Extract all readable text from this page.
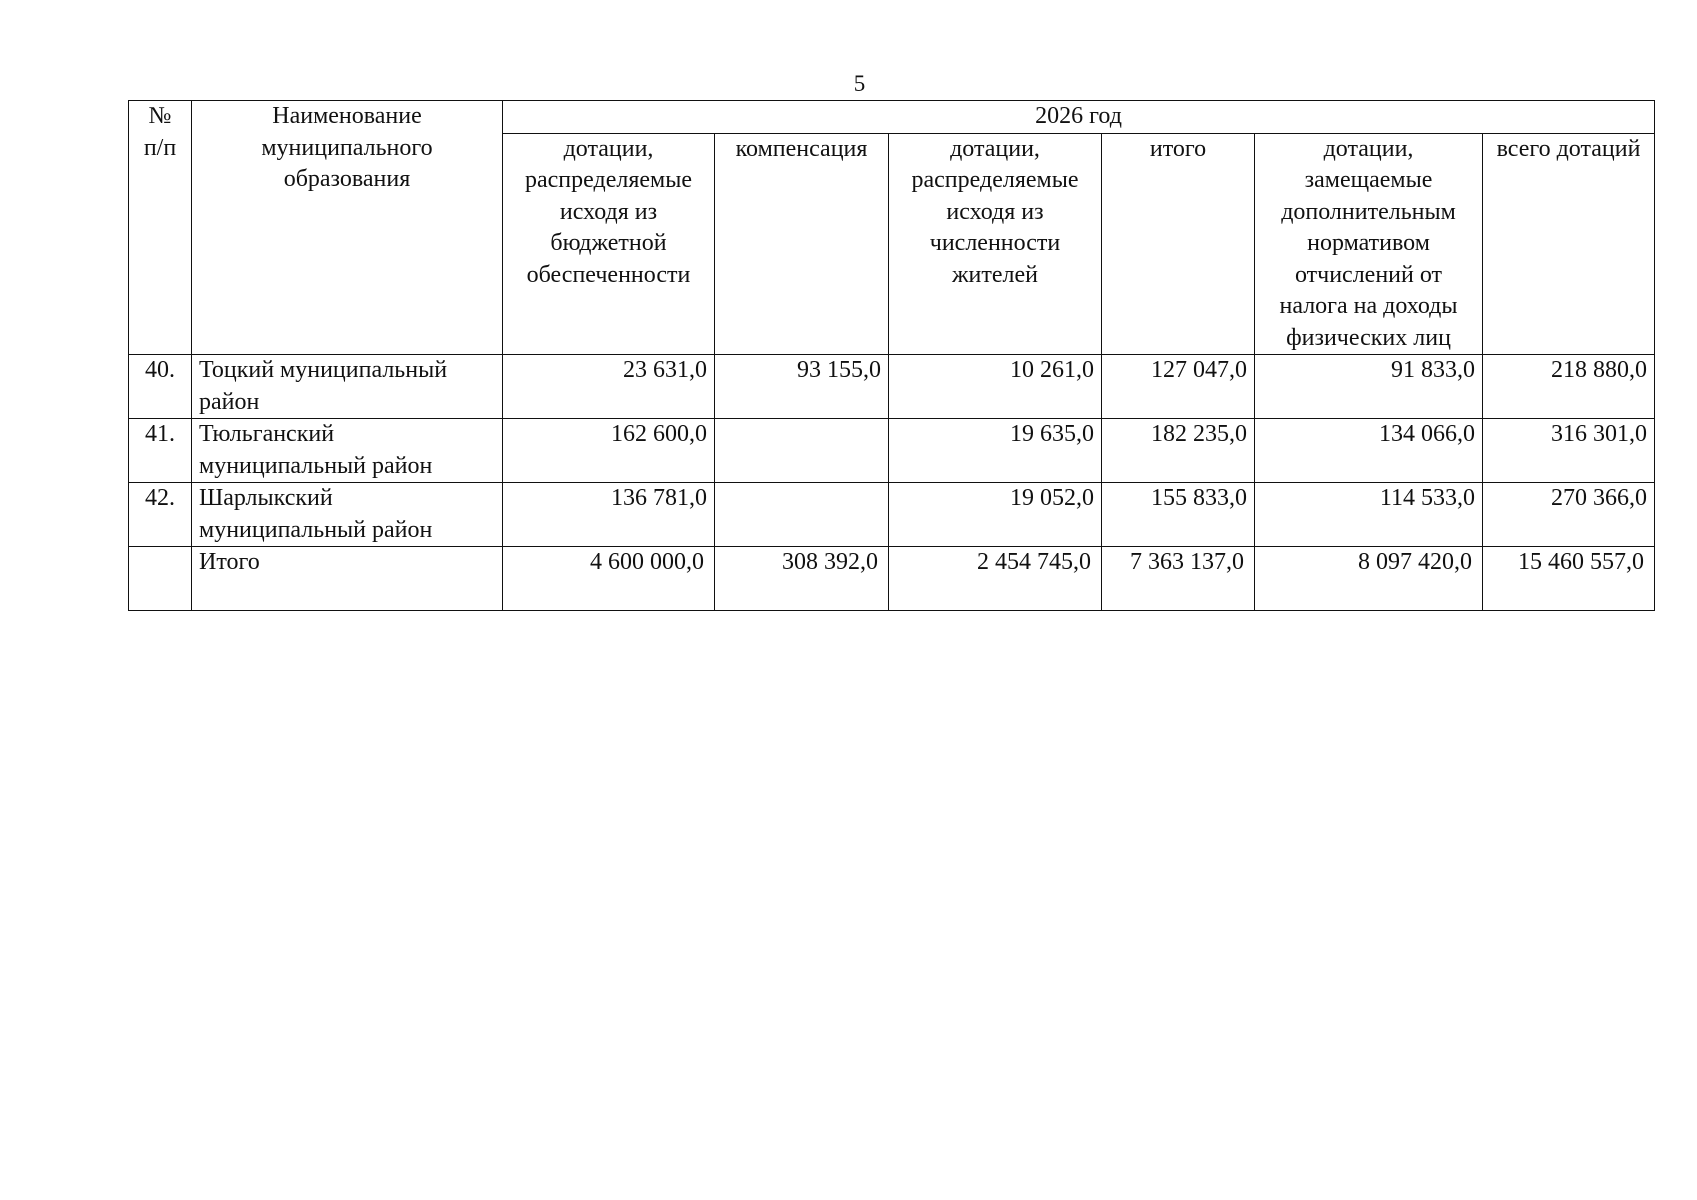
5
№ п/п	Наименование муниципального образования	2026 год					
		дотации, распределяемые исходя из бюджетной обеспеченности	компенсация	дотации, распределяемые исходя из численности жителей	итого	дотации, замещаемые дополнительным нормативом отчислений от налога на доходы физических лиц	всего дотаций
40.	Тоцкий муниципальный район	23 631,0	93 155,0	10 261,0	127 047,0	91 833,0	218 880,0
41.	Тюльганский муниципальный район	162 600,0		19 635,0	182 235,0	134 066,0	316 301,0
42.	Шарлыкский муниципальный район	136 781,0		19 052,0	155 833,0	114 533,0	270 366,0
	Итого	4 600 000,0	308 392,0	2 454 745,0	7 363 137,0	8 097 420,0	15 460 557,0
